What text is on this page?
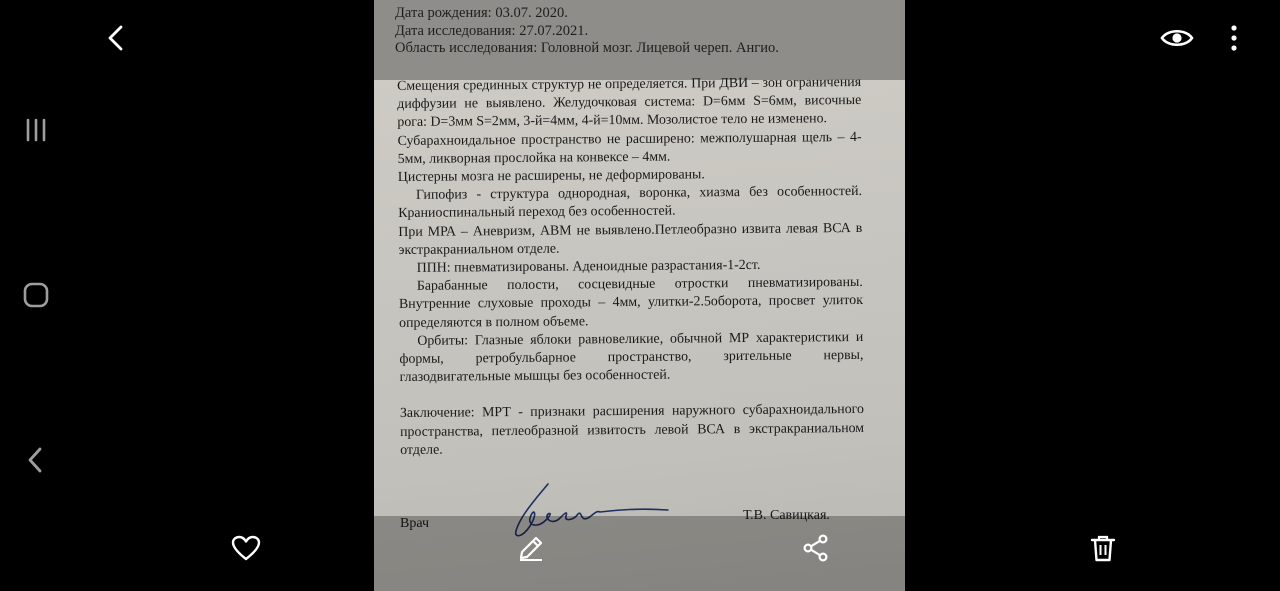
Дата рождения: 03.07. 2020.
Дата исследования: 27.07.2021.
Область исследования: Головной мозг. Лицевой череп. Ангио.

Смещения срединных структур не определяется. При ДВИ – зон ограничения диффузии не выявлено. Желудочковая система: D=6мм S=6мм, височные рога: D=3мм S=2мм, 3-й=4мм, 4-й=10мм. Мозолистое тело не изменено.

Субарахноидальное пространство не расширено: межполушарная щель – 4-5мм, ликворная прослойка на конвексе – 4мм.

Цистерны мозга не расширены, не деформированы.

Гипофиз - структура однородная, воронка, хиазма без особенностей. Краниоспинальный переход без особенностей.

При МРА – Аневризм, АВМ не выявлено.Петлеобразно извита левая ВСА в экстракраниальном отделе.

ППН: пневматизированы. Аденоидные разрастания-1-2ст.

Барабанные полости, сосцевидные отростки пневматизированы. Внутренние слуховые проходы – 4мм, улитки-2.5оборота, просвет улиток определяются в полном объеме.

Орбиты: Глазные яблоки равновеликие, обычной МР характеристики и формы, ретробульбарное пространство, зрительные нервы, глазодвигательные мышцы без особенностей.

Заключение: МРТ - признаки расширения наружного субарахноидального пространства, петлеобразной извитость левой ВСА в экстракраниальном отделе.

Врач
Т.В. Савицкая.
